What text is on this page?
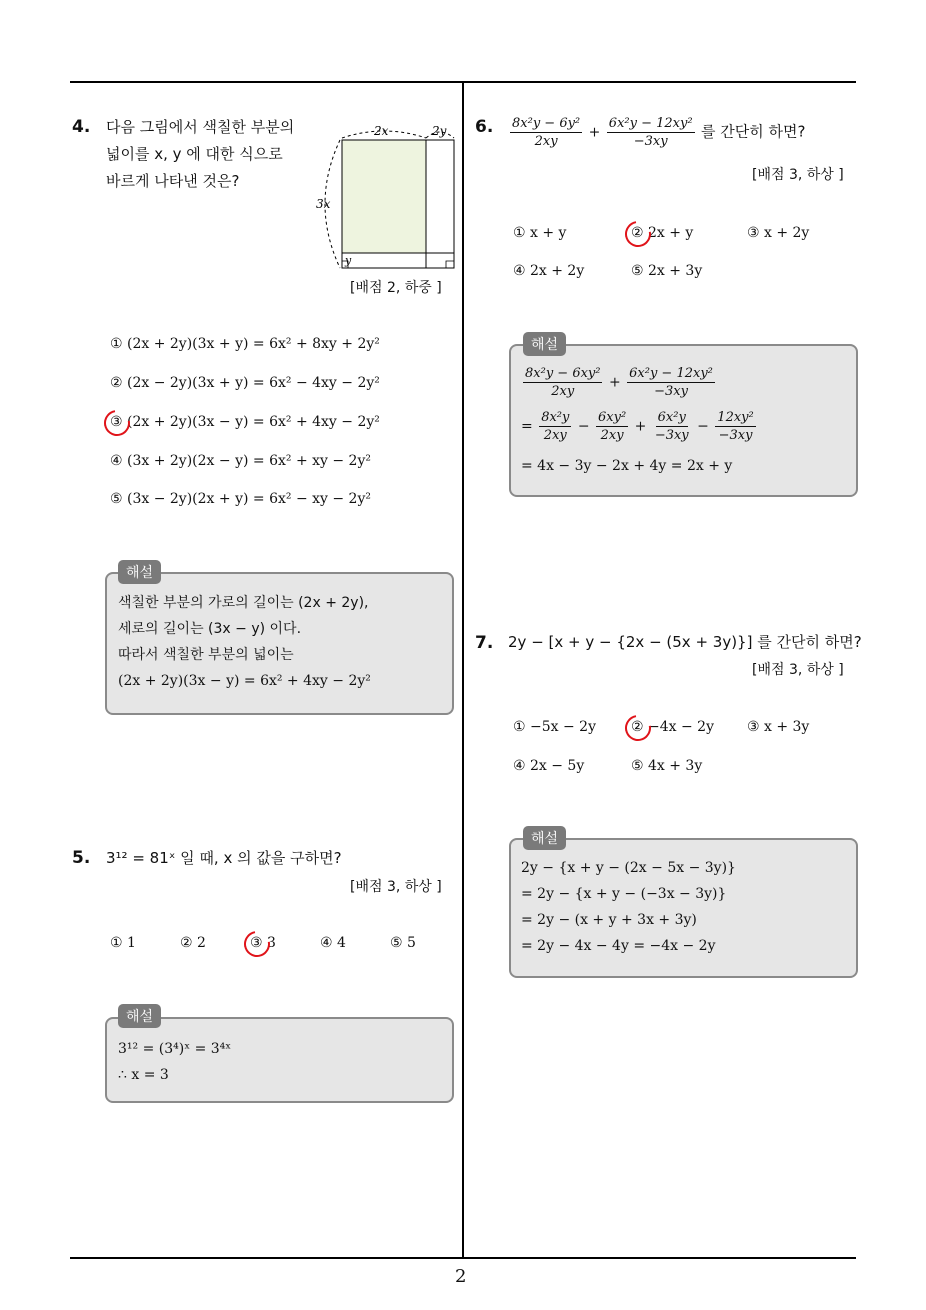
2
4. 다음 그림에서 색칠한 부분의
넓이를 x, y 에 대한 식으로
바르게 나타낸 것은?
2x	2y
3x
y
[배점 2, 하중 ]
① (2x + 2y)(3x + y) = 6x² + 8xy + 2y²
② (2x − 2y)(3x + y) = 6x² − 4xy − 2y²
③ (2x + 2y)(3x − y) = 6x² + 4xy − 2y²
④ (3x + 2y)(2x − y) = 6x² + xy − 2y²
⑤ (3x − 2y)(2x + y) = 6x² − xy − 2y²
해설
색칠한 부분의 가로의 길이는 (2x + 2y),
세로의 길이는 (3x − y) 이다.
따라서 색칠한 부분의 넓이는
(2x + 2y)(3x − y) = 6x² + 4xy − 2y²
5. 3¹² = 81ˣ 일 때, x 의 값을 구하면?
[배점 3, 하상 ]
① 1	② 2	③ 3	④ 4	⑤ 5
해설
3¹² = (3⁴)ˣ = 3⁴ˣ
∴ x = 3
6. $\frac{\text{8x²y − 6y²}}{2xy} + \frac{\text{6x²y − 12xy²}}{-3xy}$ 를 간단히 하면?
[배점 3, 하상 ]
① x + y	② 2x + y	③ x + 2y
④ 2x + 2y	⑤ 2x + 3y
해설
$\frac{\text{8x²y − 6xy²}}{2xy} + \frac{\text{6x²y − 12xy²}}{-3xy}$
= $\frac{\text{8x²y}}{2xy} - \frac{\text{6xy²}}{2xy} + \frac{\text{6x²y}}{-3xy} - \frac{\text{12xy²}}{-3xy}$
= 4x − 3y − 2x + 4y = 2x + y
7. 2y − [x + y − {2x − (5x + 3y)}] 를 간단히 하면?
[배점 3, 하상 ]
① −5x − 2y	② −4x − 2y ③ x + 3y
④ 2x − 5y	⑤ 4x + 3y
해설
2y − {x + y − (2x − 5x − 3y)}
= 2y − {x + y − (−3x − 3y)}
= 2y − (x + y + 3x + 3y)
= 2y − 4x − 4y = −4x − 2y
